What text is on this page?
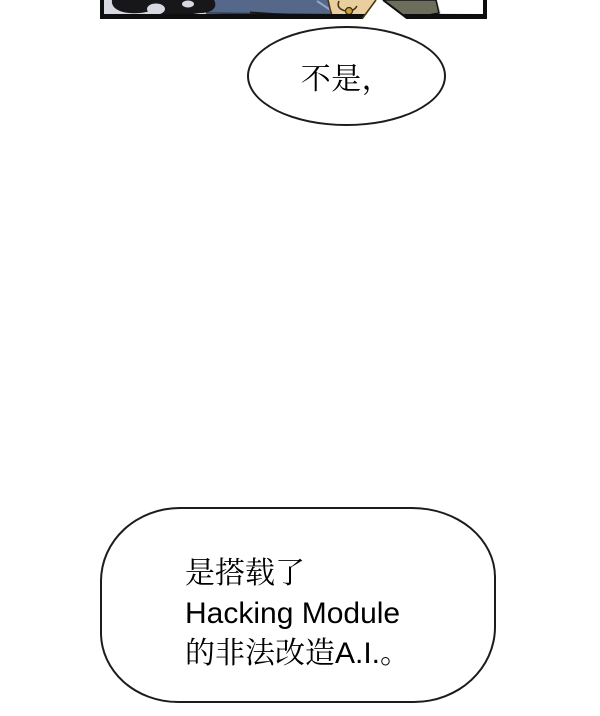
不是，
是搭载了
Hacking Module
的非法改造A.I.。
